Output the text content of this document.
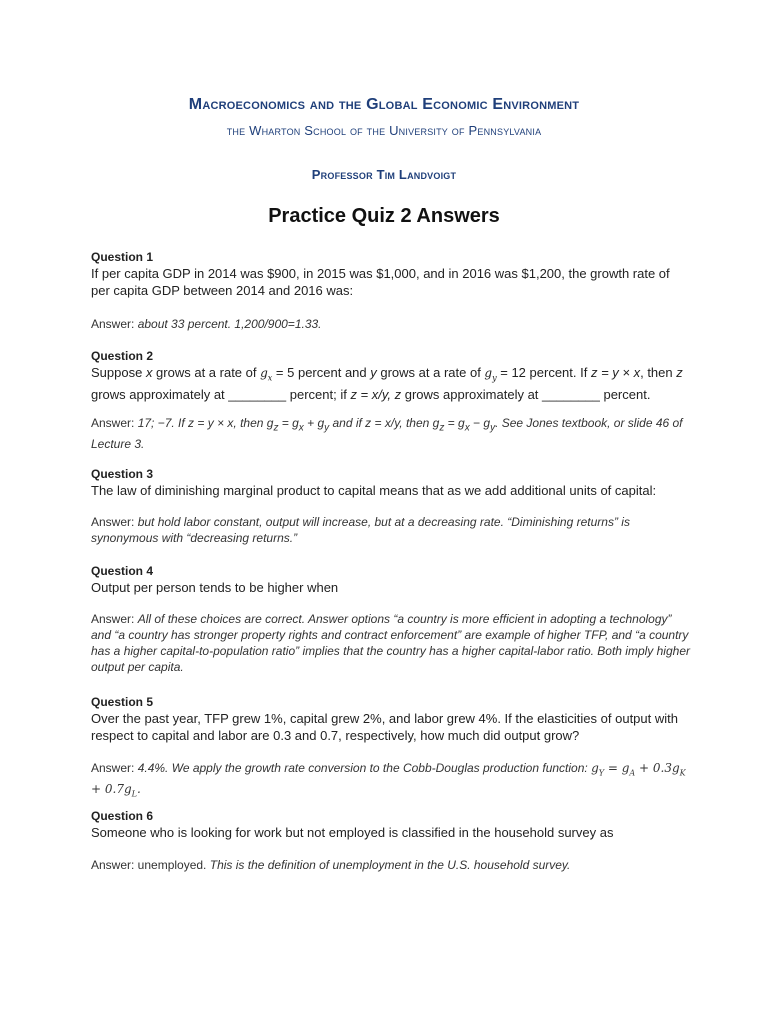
Macroeconomics and the Global Economic Environment
the Wharton School of the University of Pennsylvania
Professor Tim Landvoigt
Practice Quiz 2 Answers
Question 1
If per capita GDP in 2014 was $900, in 2015 was $1,000, and in 2016 was $1,200, the growth rate of per capita GDP between 2014 and 2016 was:
Answer: about 33 percent. 1,200/900=1.33.
Question 2
Suppose x grows at a rate of $g_x = 5$ percent and y grows at a rate of $g_y = 12$ percent. If z = y × x, then z grows approximately at ________ percent; if z = x/y, z grows approximately at ________ percent.
Answer: 17; −7. If z = y × x, then $g_z = g_x + g_y$ and if z = x/y, then $g_z = g_x - g_y$. See Jones textbook, or slide 46 of Lecture 3.
Question 3
The law of diminishing marginal product to capital means that as we add additional units of capital:
Answer: but hold labor constant, output will increase, but at a decreasing rate. “Diminishing returns” is synonymous with “decreasing returns.”
Question 4
Output per person tends to be higher when
Answer: All of these choices are correct. Answer options “a country is more efficient in adopting a technology” and “a country has stronger property rights and contract enforcement” are example of higher TFP, and “a country has a higher capital-to-population ratio” implies that the country has a higher capital-labor ratio. Both imply higher output per capita.
Question 5
Over the past year, TFP grew 1%, capital grew 2%, and labor grew 4%. If the elasticities of output with respect to capital and labor are 0.3 and 0.7, respectively, how much did output grow?
Answer: 4.4%. We apply the growth rate conversion to the Cobb-Douglas production function: $g_Y = g_A + 0.3g_K + 0.7g_L$.
Question 6
Someone who is looking for work but not employed is classified in the household survey as
Answer: unemployed. This is the definition of unemployment in the U.S. household survey.
